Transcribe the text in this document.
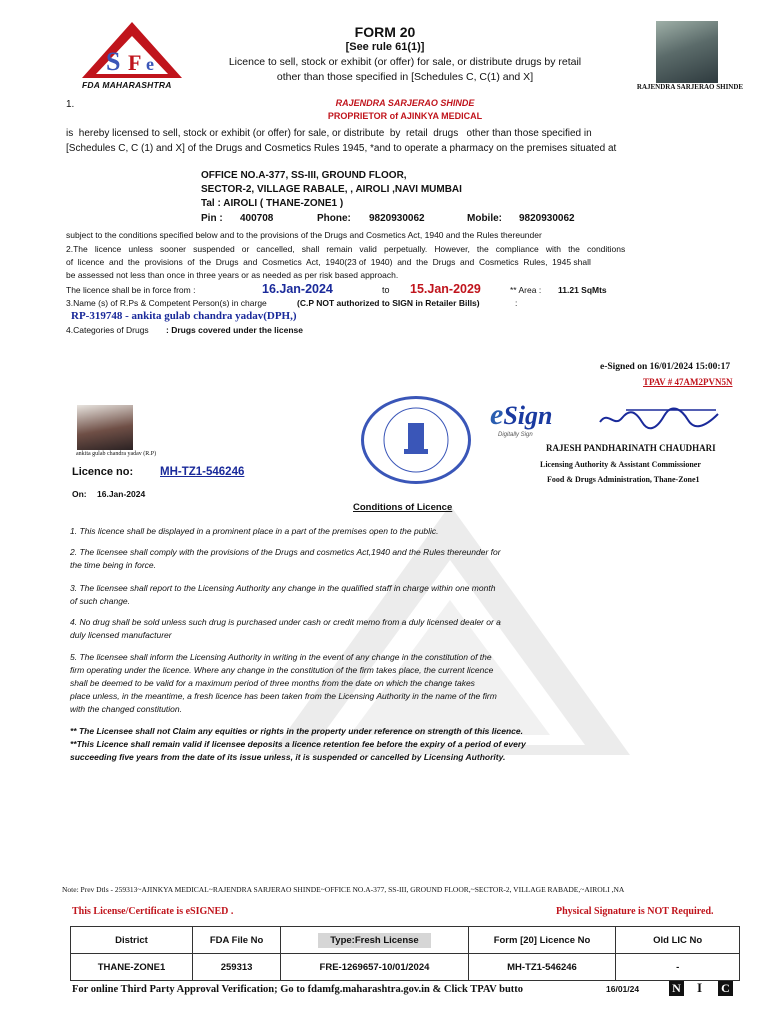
S F e
FDA MAHARASHTRA
FORM 20
[See rule 61(1)]
Licence to sell, stock or exhibit (or offer) for sale, or distribute drugs by retail
other than those specified in [Schedules C, C(1) and X]
RAJENDRA SARJERAO SHINDE
1.	RAJENDRA SARJERAO SHINDE
PROPRIETOR of AJINKYA MEDICAL
is  hereby licensed to sell, stock or exhibit (or offer) for sale, or distribute  by  retail  drugs   other than those specified in
[Schedules C, C (1) and X] of the Drugs and Cosmetics Rules 1945, *and to operate a pharmacy on the premises situated at
OFFICE NO.A-377, SS-III, GROUND FLOOR,
SECTOR-2, VILLAGE RABALE, , AIROLI ,NAVI MUMBAI
Tal : AIROLI ( THANE-ZONE1 )
Pin : 400708	Phone: 9820930062	Mobile: 9820930062
subject to the conditions specified below and to the provisions of the Drugs and Cosmetics Act, 1940 and the Rules thereunder
2.The   licence   unless   sooner   suspended   or   cancelled,   shall   remain   valid   perpetually.   However,   the   compliance   with   the   conditions
of  licence  and  the  provisions  of  the  Drugs  and  Cosmetics  Act,  1940(23 of  1940)  and  the  Drugs  and  Cosmetics  Rules,  1945 shall
be assessed not less than once in three years or as needed as per risk based approach.
The licence shall be in force from :	16.Jan-2024	to 15.Jan-2029	** Area : 11.21 SqMts
3.Name (s) of R.Ps & Competent Person(s) in charge	(C.P NOT authorized to SIGN in Retailer Bills)	:
RP-319748 - ankita gulab chandra yadav(DPH,)
4.Categories of Drugs : Drugs covered under the license
e-Signed on 16/01/2024 15:00:17
TPAV # 47AM2PVN5N
ankita gulab chandra yadav (R.P)
eSign
Digitally Sign
RAJESH PANDHARINATH CHAUDHARI
Licensing Authority & Assistant Commissioner
Food & Drugs Administration, Thane-Zone1
Licence no: MH-TZ1-546246
On: 16.Jan-2024
Conditions of Licence
1. This licence shall be displayed in a prominent place in a part of the premises open to the public.
2. The licensee shall comply with the provisions of the Drugs and cosmetics Act,1940 and the Rules thereunder for
the time being in force.
3. The licensee shall report to the Licensing Authority any change in the qualified staff in charge within one month
of such change.
4. No drug shall be sold unless such drug is purchased under cash or credit memo from a duly licensed dealer or a
duly licensed manufacturer
5. The licensee shall inform the Licensing Authority in writing in the event of any change in the constitution of the
firm operating under the licence. Where any change in the constitution of the firm takes place, the current licence
shall be deemed to be valid for a maximum period of three months from the date on which the change takes
place unless, in the meantime, a fresh licence has been taken from the Licensing Authority in the name of the firm
with the changed constitution.
** The Licensee shall not Claim any equities or rights in the property under reference on strength of this licence.
**This Licence shall remain valid if licensee deposits a licence retention fee before the expiry of a period of every
succeeding five years from the date of its issue unless, it is suspended or cancelled by Licensing Authority.
Note: Prev Dtls - 259313~AJINKYA MEDICAL~RAJENDRA SARJERAO SHINDE~OFFICE NO.A-377, SS-III, GROUND FLOOR,~SECTOR-2, VILLAGE RABADE,~AIROLI ,NA
This License/Certificate is eSIGNED .	Physical Signature is NOT Required.
District	FDA File No	Type:Fresh License	Form [20] Licence No	Old LIC No
THANE-ZONE1	259313	FRE-1269657-10/01/2024	MH-TZ1-546246	-
For online Third Party Approval Verification; Go to fdamfg.maharashtra.gov.in & Click TPAV butto	16/01/24	N I C
